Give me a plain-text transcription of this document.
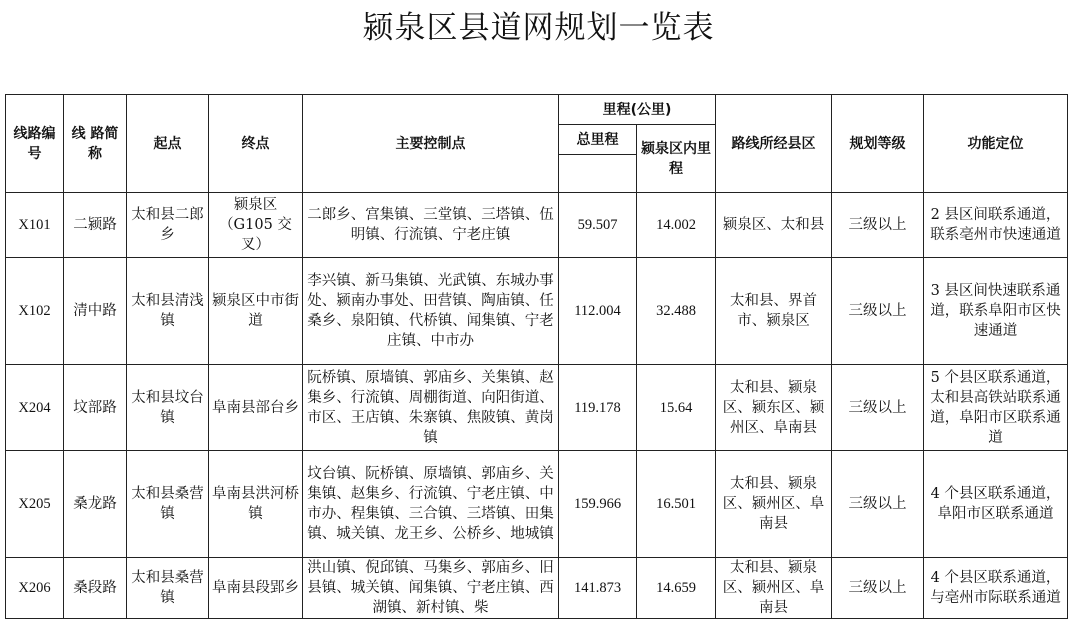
颍泉区县道网规划一览表
线路编号	线 路简称	起点	终点	主要控制点	里程(公里)		路线所经县区	规划等级	功能定位
					总里程	颍泉区内里程			

X101	二颍路	太和县二郎乡	颍泉区（G105 交叉）	二郎乡、宫集镇、三堂镇、三塔镇、伍明镇、行流镇、宁老庄镇	59.507	14.002	颍泉区、太和县	三级以上	2 县区间联系通道，联系亳州市快速通道
X102	清中路	太和县清浅镇	颍泉区中市街道	李兴镇、新马集镇、光武镇、东城办事处、颍南办事处、田营镇、陶庙镇、任桑乡、泉阳镇、代桥镇、闻集镇、宁老庄镇、中市办	112.004	32.488	太和县、界首市、颍泉区	三级以上	3 县区间快速联系通道，联系阜阳市区快速通道
X204	坟部路	太和县坟台镇	阜南县部台乡	阮桥镇、原墙镇、郭庙乡、关集镇、赵集乡、行流镇、周棚街道、向阳街道、市区、王店镇、朱寨镇、焦陂镇、黄岗镇	119.178	15.64	太和县、颍泉区、颍东区、颍州区、阜南县	三级以上	5 个县区联系通道，太和县高铁站联系通道，阜阳市区联系通道
X205	桑龙路	太和县桑营镇	阜南县洪河桥镇	坟台镇、阮桥镇、原墙镇、郭庙乡、关集镇、赵集乡、行流镇、宁老庄镇、中市办、程集镇、三合镇、三塔镇、田集镇、城关镇、龙王乡、公桥乡、地城镇	159.966	16.501	太和县、颍泉区、颍州区、阜南县	三级以上	4 个县区联系通道，阜阳市区联系通道
X206	桑段路	太和县桑营镇	阜南县段郢乡	洪山镇、倪邱镇、马集乡、郭庙乡、旧县镇、城关镇、闻集镇、宁老庄镇、西湖镇、新村镇、柴	141.873	14.659	太和县、颍泉区、颍州区、阜南县	三级以上	4 个县区联系通道，与亳州市际联系通道
